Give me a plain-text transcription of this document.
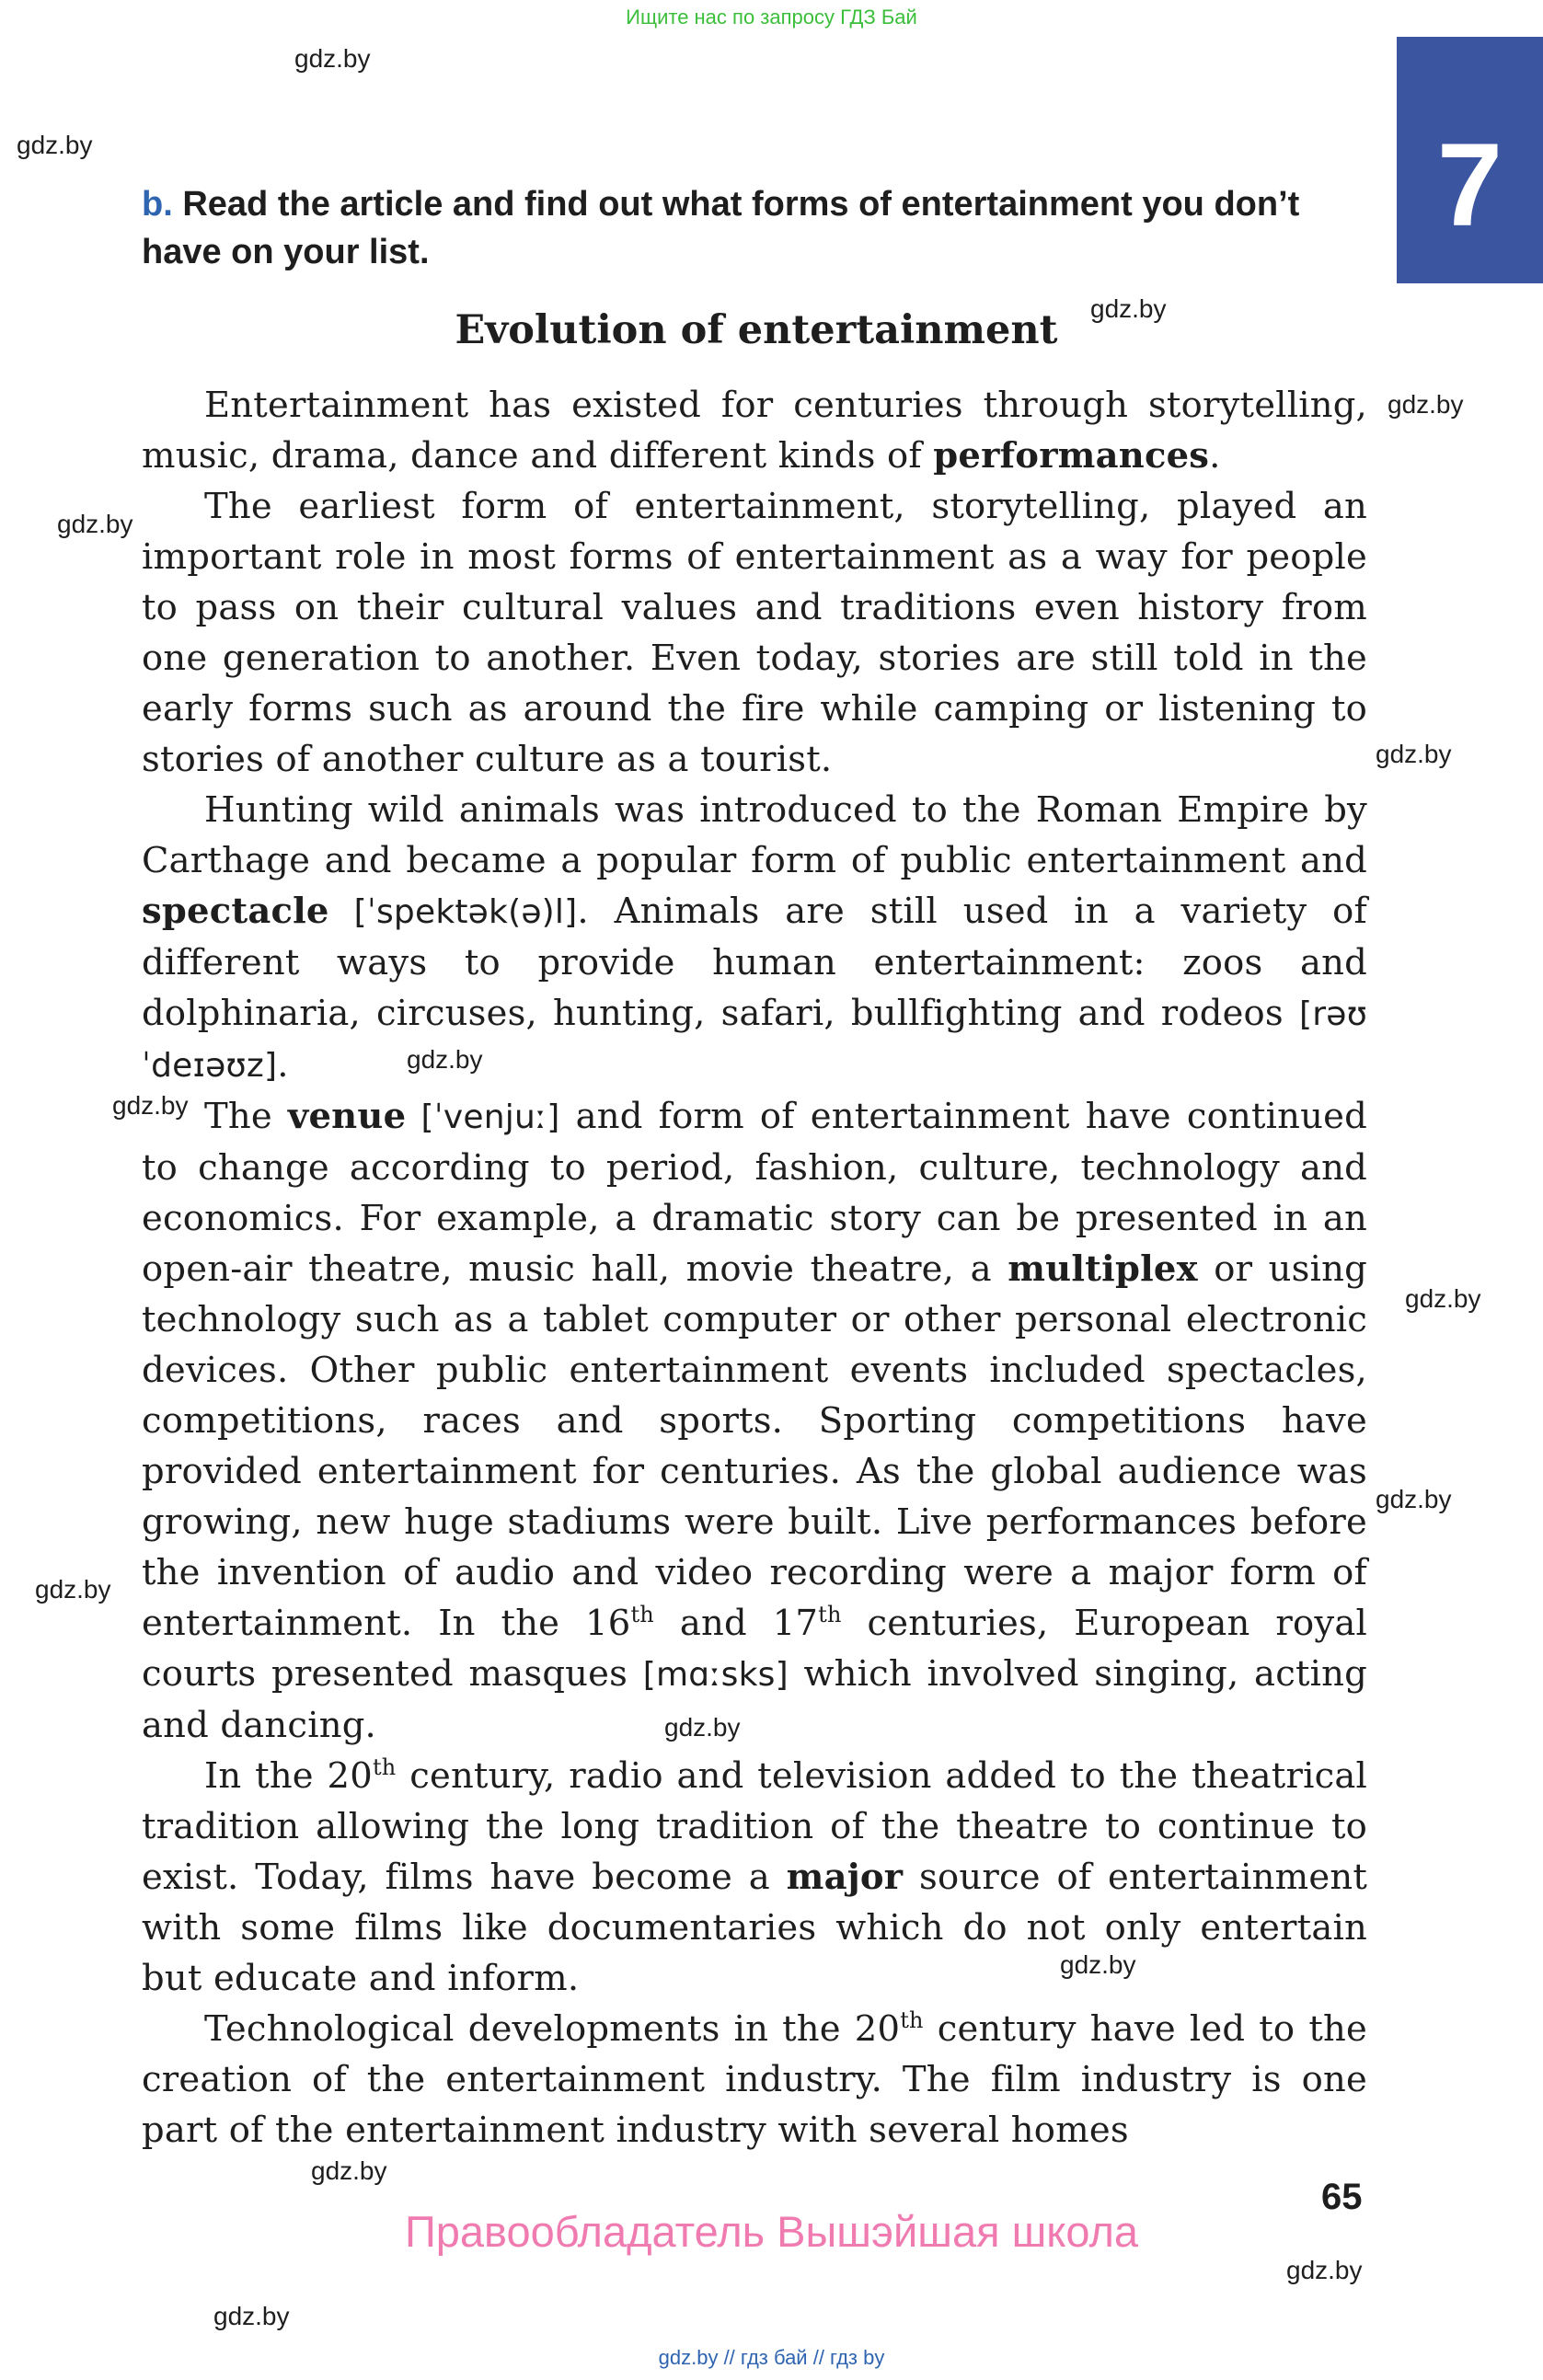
Ищите нас по запросу ГДЗ Бай
gdz.by
gdz.by
gdz.by
gdz.by
gdz.by
gdz.by
gdz.by
gdz.by
gdz.by
gdz.by
gdz.by
gdz.by
gdz.by
gdz.by
gdz.by
gdz.by
7
b. Read the article and find out what forms of entertainment you don’t have on your list.
Evolution of entertainment

Entertainment has existed for centuries through storytelling, music, drama, dance and different kinds of performances.

The earliest form of entertainment, storytelling, played an important role in most forms of entertainment as a way for people to pass on their cultural values and traditions even history from one generation to another. Even today, stories are still told in the early forms such as around the fire while camping or listening to stories of another culture as a tourist.

Hunting wild animals was introduced to the Roman Empire by Carthage and became a popular form of public entertainment and spectacle [ˈspektək(ə)l]. Animals are still used in a variety of different ways to provide human entertainment: zoos and dolphinaria, circuses, hunting, safari, bullfighting and rodeos [rəʊˈdeɪəʊz].

The venue [ˈvenjuː] and form of entertainment have continued to change according to period, fashion, culture, technology and economics. For example, a dramatic story can be presented in an open-air theatre, music hall, movie theatre, a multiplex or using technology such as a tablet computer or other personal electronic devices. Other public entertainment events included spectacles, competitions, races and sports. Sporting competitions have provided entertainment for centuries. As the global audience was growing, new huge stadiums were built. Live performances before the invention of audio and video recording were a major form of entertainment. In the 16th and 17th centuries, European royal courts presented masques [mɑːsks] which involved singing, acting and dancing.

In the 20th century, radio and television added to the theatrical tradition allowing the long tradition of the theatre to continue to exist. Today, films have become a major source of entertainment with some films like documentaries which do not only entertain but educate and inform.

Technological developments in the 20th century have led to the creation of the entertainment industry. The film industry is one part of the entertainment industry with several homes

65
Правообладатель Вышэйшая школа
gdz.by // гдз бай // гдз by
